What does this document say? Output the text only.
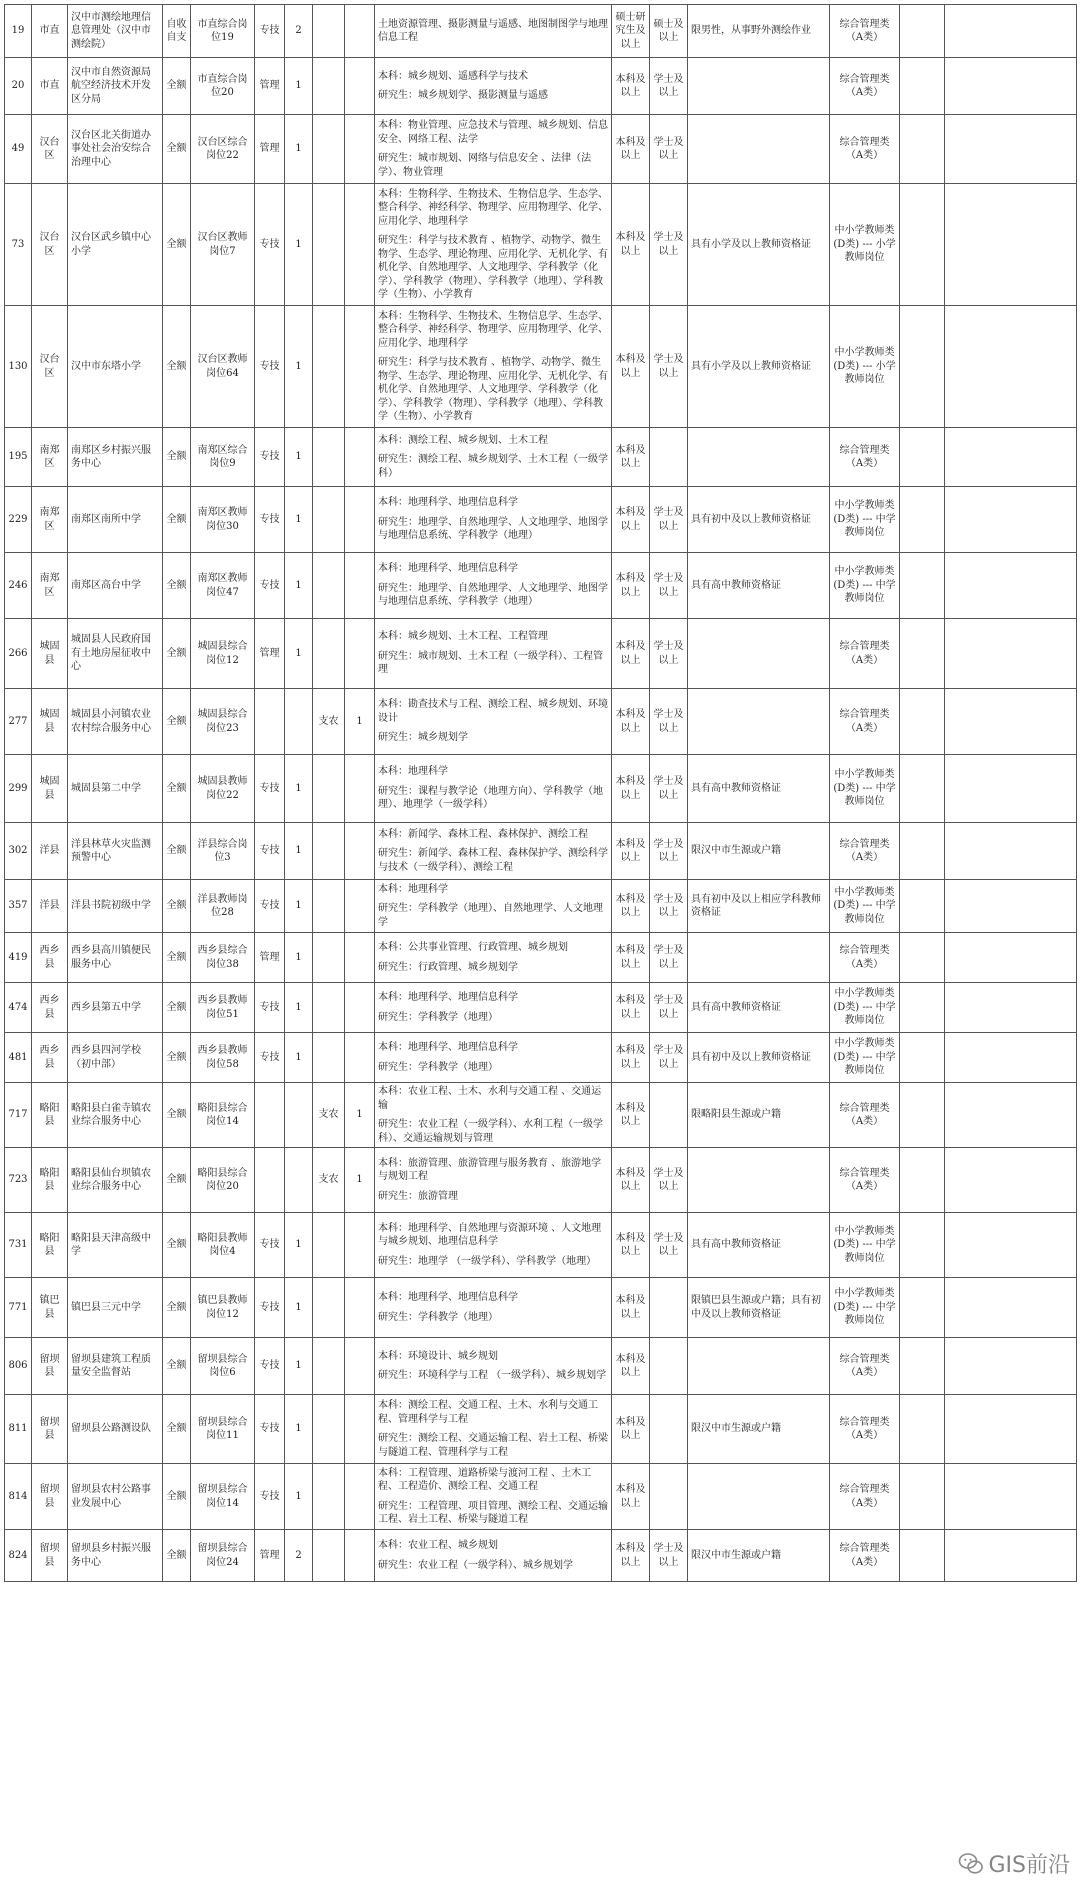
19	市直	汉中市测绘地理信息管理处（汉中市测绘院）	自收自支	市直综合岗位19	专技	2			土地资源管理、摄影测量与遥感、地图制图学与地理信息工程	硕士研究生及以上	硕士及以上	限男性，从事野外测绘作业	综合管理类（A类）		
20	市直	汉中市自然资源局航空经济技术开发区分局	全额	市直综合岗位20	管理	1			本科：城乡规划、遥感科学与技术
研究生：城乡规划学、摄影测量与遥感	本科及以上	学士及以上		综合管理类（A类）		
49	汉台区	汉台区北关街道办事处社会治安综合治理中心	全额	汉台区综合岗位22	管理	1			本科：物业管理、应急技术与管理、城乡规划、信息安全、网络工程、法学
研究生：城市规划、网络与信息安全 、法律（法学）、物业管理	本科及以上	学士及以上		综合管理类（A类）		
73	汉台区	汉台区武乡镇中心小学	全额	汉台区教师岗位7	专技	1			本科：生物科学、生物技术、生物信息学、生态学、整合科学、神经科学、物理学、应用物理学、化学、应用化学、地理科学
研究生：科学与技术教育 、植物学、动物学、微生物学、生态学、理论物理、应用化学、无机化学、有机化学、自然地理学、人文地理学、学科教学（化学）、学科教学（物理）、学科教学（地理）、学科教学（生物）、小学教育	本科及以上	学士及以上	具有小学及以上教师资格证	中小学教师类(D类) --- 小学教师岗位		
130	汉台区	汉中市东塔小学	全额	汉台区教师岗位64	专技	1			本科：生物科学、生物技术、生物信息学、生态学、整合科学、神经科学、物理学、应用物理学、化学、应用化学、地理科学
研究生：科学与技术教育 、植物学、动物学、微生物学、生态学、理论物理、应用化学、无机化学、有机化学、自然地理学、人文地理学、学科教学（化学）、学科教学（物理）、学科教学（地理）、学科教学（生物）、小学教育	本科及以上	学士及以上	具有小学及以上教师资格证	中小学教师类(D类) --- 小学教师岗位		
195	南郑区	南郑区乡村振兴服务中心	全额	南郑区综合岗位9	专技	1			本科：测绘工程、城乡规划、土木工程
研究生：测绘工程、城乡规划学、土木工程（一级学科）	本科及以上			综合管理类（A类）		
229	南郑区	南郑区南所中学	全额	南郑区教师岗位30	专技	1			本科：地理科学、地理信息科学
研究生：地理学、自然地理学、人文地理学、地图学与地理信息系统、学科教学（地理）	本科及以上	学士及以上	具有初中及以上教师资格证	中小学教师类(D类) --- 中学教师岗位		
246	南郑区	南郑区高台中学	全额	南郑区教师岗位47	专技	1			本科：地理科学、地理信息科学
研究生：地理学、自然地理学、人文地理学、地图学与地理信息系统、学科教学（地理）	本科及以上	学士及以上	具有高中教师资格证	中小学教师类(D类) --- 中学教师岗位		
266	城固县	城固县人民政府国有土地房屋征收中心	全额	城固县综合岗位12	管理	1			本科：城乡规划、土木工程、工程管理
研究生：城市规划、土木工程（一级学科）、工程管理	本科及以上	学士及以上		综合管理类（A类）		
277	城固县	城固县小河镇农业农村综合服务中心	全额	城固县综合岗位23			支农	1	本科：勘查技术与工程、测绘工程、城乡规划、环境设计
研究生：城乡规划学	本科及以上	学士及以上		综合管理类（A类）		
299	城固县	城固县第二中学	全额	城固县教师岗位22	专技	1			本科：地理科学
研究生：课程与教学论（地理方向）、学科教学（地理）、地理学（一级学科）	本科及以上	学士及以上	具有高中教师资格证	中小学教师类(D类) --- 中学教师岗位		
302	洋县	洋县林草火灾监测预警中心	全额	洋县综合岗位3	专技	1			本科：新闻学、森林工程、森林保护、测绘工程
研究生：新闻学、森林工程、森林保护学、测绘科学与技术（一级学科）、测绘工程	本科及以上	学士及以上	限汉中市生源或户籍	综合管理类（A类）		
357	洋县	洋县书院初级中学	全额	洋县教师岗位28	专技	1			本科：地理科学
研究生：学科教学（地理）、自然地理学、人文地理学	本科及以上	学士及以上	具有初中及以上相应学科教师资格证	中小学教师类(D类) --- 中学教师岗位		
419	西乡县	西乡县高川镇便民服务中心	全额	西乡县综合岗位38	管理	1			本科：公共事业管理、行政管理、城乡规划
研究生：行政管理、城乡规划学	本科及以上	学士及以上		综合管理类（A类）		
474	西乡县	西乡县第五中学	全额	西乡县教师岗位51	专技	1			本科：地理科学、地理信息科学
研究生：学科教学（地理）	本科及以上	学士及以上	具有高中教师资格证	中小学教师类(D类) --- 中学教师岗位		
481	西乡县	西乡县四河学校（初中部）	全额	西乡县教师岗位58	专技	1			本科：地理科学、地理信息科学
研究生：学科教学（地理）	本科及以上	学士及以上	具有初中及以上教师资格证	中小学教师类(D类) --- 中学教师岗位		
717	略阳县	略阳县白雀寺镇农业综合服务中心	全额	略阳县综合岗位14			支农	1	本科：农业工程、土木、水利与交通工程 、交通运输
研究生：农业工程（一级学科）、水利工程（一级学科）、交通运输规划与管理	本科及以上		限略阳县生源或户籍	综合管理类（A类）		
723	略阳县	略阳县仙台坝镇农业综合服务中心	全额	略阳县综合岗位20			支农	1	本科：旅游管理、旅游管理与服务教育 、旅游地学与规划工程
研究生：旅游管理	本科及以上	学士及以上		综合管理类（A类）		
731	略阳县	略阳县天津高级中学	全额	略阳县教师岗位4	专技	1			本科：地理科学、自然地理与资源环境 、人文地理与城乡规划、地理信息科学
研究生：地理学 （一级学科）、学科教学（地理）	本科及以上	学士及以上	具有高中教师资格证	中小学教师类(D类) --- 中学教师岗位		
771	镇巴县	镇巴县三元中学	全额	镇巴县教师岗位12	专技	1			本科：地理科学、地理信息科学
研究生：学科教学（地理）	本科及以上		限镇巴县生源或户籍；具有初中及以上教师资格证	中小学教师类(D类) --- 中学教师岗位		
806	留坝县	留坝县建筑工程质量安全监督站	全额	留坝县综合岗位6	专技	1			本科：环境设计、城乡规划
研究生：环境科学与工程 （一级学科）、城乡规划学	本科及以上			综合管理类（A类）		
811	留坝县	留坝县公路测设队	全额	留坝县综合岗位11	专技	1			本科：测绘工程、交通工程、土木、水利与交通工程、管理科学与工程
研究生：测绘工程、交通运输工程、岩土工程、桥梁与隧道工程、管理科学与工程	本科及以上		限汉中市生源或户籍	综合管理类（A类）		
814	留坝县	留坝县农村公路事业发展中心	全额	留坝县综合岗位14	专技	1			本科：工程管理、道路桥梁与渡河工程 、土木工程、工程造价、测绘工程、交通工程
研究生：工程管理、项目管理、测绘工程、交通运输工程、岩土工程、桥梁与隧道工程	本科及以上			综合管理类（A类）		
824	留坝县	留坝县乡村振兴服务中心	全额	留坝县综合岗位24	管理	2			本科：农业工程、城乡规划
研究生：农业工程（一级学科）、城乡规划学	本科及以上	学士及以上	限汉中市生源或户籍	综合管理类（A类）		
GIS前沿
